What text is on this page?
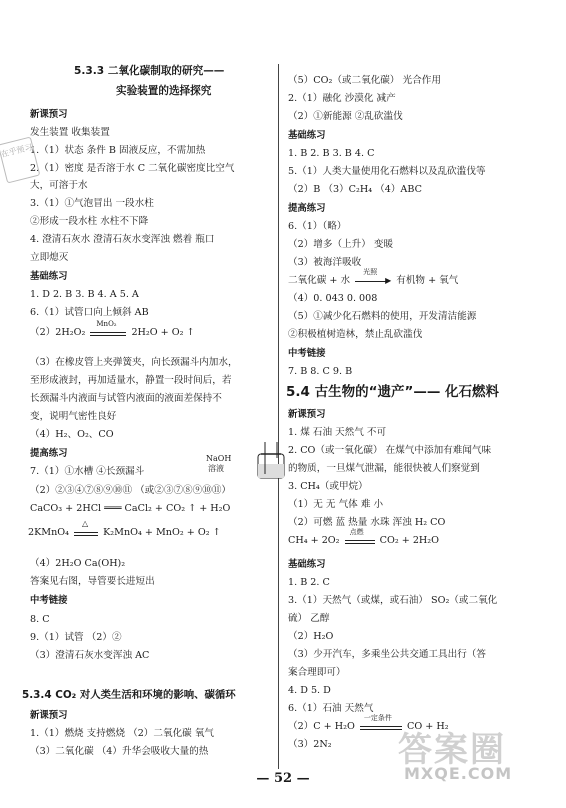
5.3.3 二氧化碳制取的研究——
实验装置的选择探究
新课预习
发生装置 收集装置
1.（1）状态 条件 B 固液反应，不需加热
2.（1）密度 是否溶于水 C 二氧化碳密度比空气
大，可溶于水
3.（1）①气泡冒出 一段水柱
②形成一段水柱 水柱不下降
4. 澄清石灰水 澄清石灰水变浑浊 燃着 瓶口
立即熄灭
基础练习
1. D 2. B 3. B 4. A 5. A
6.（1）试管口向上倾斜 AB
（3）在橡皮管上夹弹簧夹，向长颈漏斗内加水，
至形成液封，再加适量水，静置一段时间后，若
长颈漏斗内液面与试管内液面的液面差保持不
变，说明气密性良好
（4）H₂、O₂、CO
提高练习
7.（1）①水槽 ④长颈漏斗
（2）②③④⑦⑧⑨⑩⑪ （或②③⑦⑧⑨⑩⑪）
（4）2H₂O Ca(OH)₂
答案见右图，导管要长进短出
中考链接
8. C
9.（1）试管 （2）②
（3）澄清石灰水变浑浊 AC
新课预习
1.（1）燃烧 支持燃烧 （2）二氧化碳 氧气
（3）二氧化碳 （4）升华会吸收大量的热
（2）2H₂O₂
MnO₂
2H₂O + O₂ ↑
CaCO₃ + 2HCl ═══ CaCl₂ + CO₂ ↑ + H₂O
2KMnO₄
△
K₂MnO₄ + MnO₂ + O₂ ↑
5.3.4 CO₂ 对人类生活和环境的影响、碳循环
NaOH
溶液
（5）CO₂（或二氧化碳） 光合作用
2.（1）融化 沙漠化 减产
（2）①新能源 ②乱砍滥伐
基础练习
1. B 2. B 3. B 4. C
5.（1）人类大量使用化石燃料以及乱砍滥伐等
（2）B （3）C₂H₄ （4）ABC
提高练习
6.（1）（略）
（2）增多（上升） 变暖
（3）被海洋吸收
（4）0. 043 0. 008
（5）①减少化石燃料的使用，开发清洁能源
②积极植树造林，禁止乱砍滥伐
中考链接
7. B 8. C 9. B
新课预习
1. 煤 石油 天然气 不可
2. CO（或一氧化碳） 在煤气中添加有难闻气味
的物质，一旦煤气泄漏，能很快被人们察觉到
3. CH₄（或甲烷）
（1）无 无 气体 难 小
（2）可燃 蓝 热量 水珠 浑浊 H₂ CO
基础练习
1. B 2. C
3.（1）天然气（或煤，或石油） SO₂（或二氧化
硫） 乙醇
（2）H₂O
（3）少开汽车，多乘坐公共交通工具出行（答
案合理即可）
4. D 5. D
6.（1）石油 天然气
（3）2N₂
二氧化碳 + 水
光照
▶ 有机物 + 氧气
5.4 古生物的“遗产”—— 化石燃料
CH₄ + 2O₂
点燃
CO₂ + 2H₂O
（2）C + H₂O
一定条件
CO + H₂
在乎预习
答案圈
MXQE.COM
— 52 —
